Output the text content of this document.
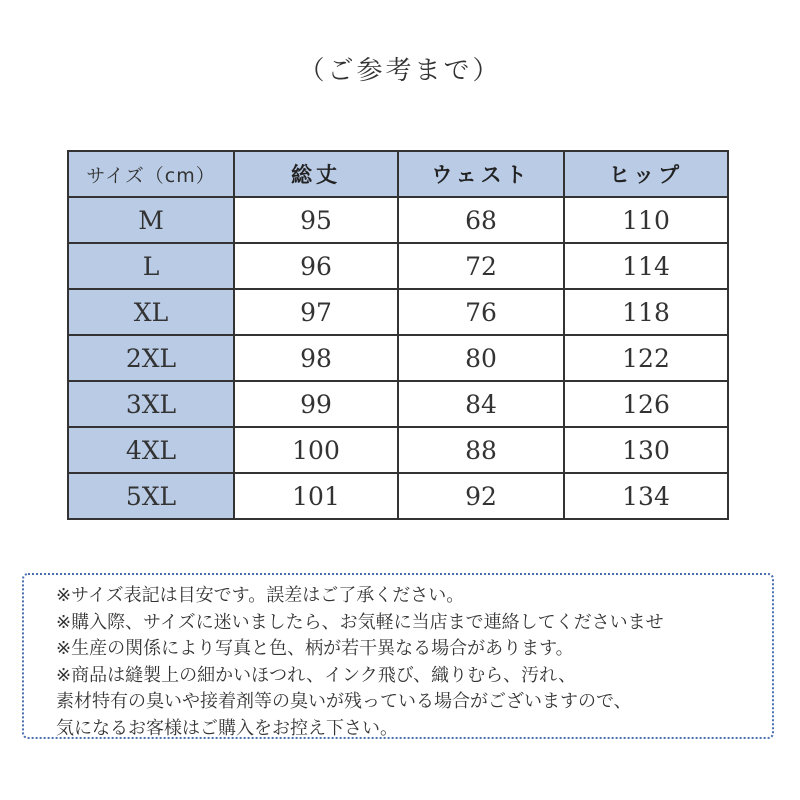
（ご参考まで）
サイズ（cm）	総丈	ウェスト	ヒップ
M	95	68	110
L	96	72	114
XL	97	76	118
2XL	98	80	122
3XL	99	84	126
4XL	100	88	130
5XL	101	92	134
※サイズ表記は目安です。誤差はご了承ください。
※購入際、サイズに迷いましたら、お気軽に当店まで連絡してくださいませ
※生産の関係により写真と色、柄が若干異なる場合があります。
※商品は縫製上の細かいほつれ、インク飛び、織りむら、汚れ、
素材特有の臭いや接着剤等の臭いが残っている場合がございますので、
気になるお客様はご購入をお控え下さい。
